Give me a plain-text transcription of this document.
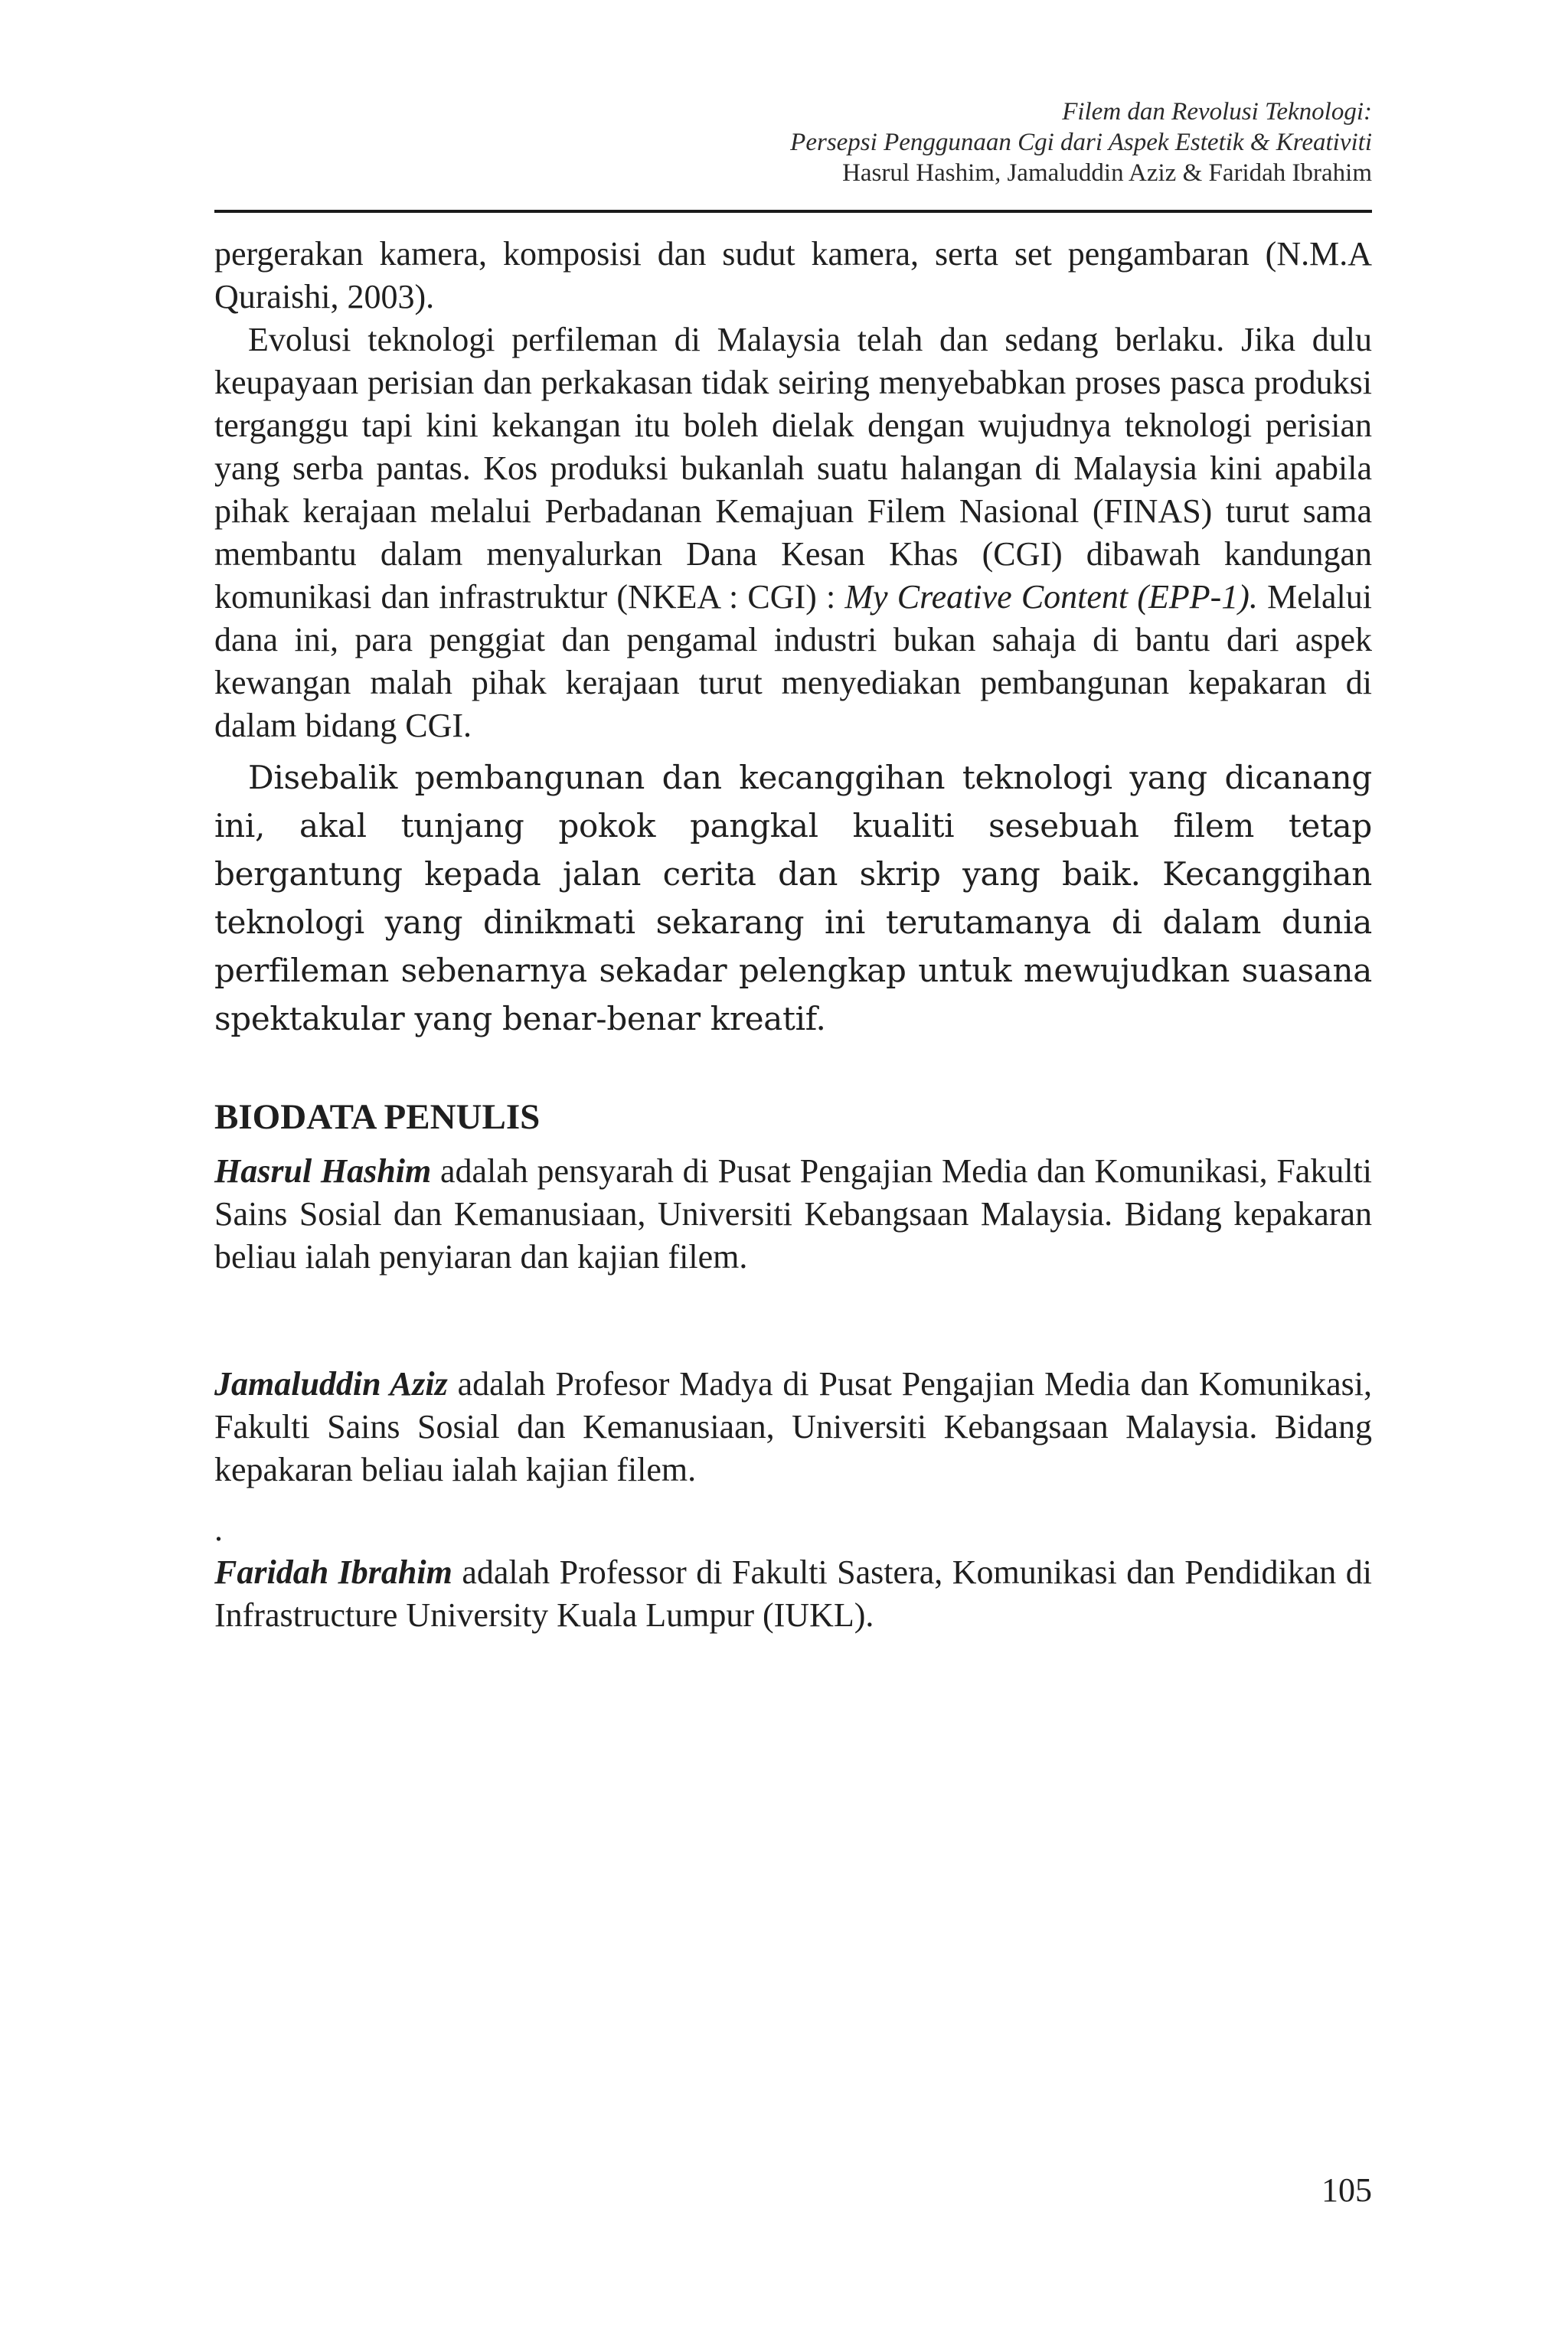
Filem dan Revolusi Teknologi:
Persepsi Penggunaan Cgi dari Aspek Estetik & Kreativiti
Hasrul Hashim, Jamaluddin Aziz & Faridah Ibrahim

pergerakan kamera, komposisi dan sudut kamera, serta set pengambaran (N.M.A Quraishi, 2003).

Evolusi teknologi perfileman di Malaysia telah dan sedang berlaku. Jika dulu keupayaan perisian dan perkakasan tidak seiring menyebabkan proses pasca produksi terganggu tapi kini kekangan itu boleh dielak dengan wujudnya teknologi perisian yang serba pantas. Kos produksi bukanlah suatu halangan di Malaysia kini apabila pihak kerajaan melalui Perbadanan Kemajuan Filem Nasional (FINAS) turut sama membantu dalam menyalurkan Dana Kesan Khas (CGI) dibawah kandungan komunikasi dan infrastruktur (NKEA : CGI) : My Creative Content (EPP-1). Melalui dana ini, para penggiat dan pengamal industri bukan sahaja di bantu dari aspek kewangan malah pihak kerajaan turut menyediakan pembangunan kepakaran di dalam bidang CGI.

Disebalik pembangunan dan kecanggihan teknologi yang dicanang ini, akal tunjang pokok pangkal kualiti sesebuah filem tetap bergantung kepada jalan cerita dan skrip yang baik. Kecanggihan teknologi yang dinikmati sekarang ini terutamanya di dalam dunia perfileman sebenarnya sekadar pelengkap untuk mewujudkan suasana spektakular yang benar-benar kreatif.

BIODATA PENULIS

Hasrul Hashim adalah pensyarah di Pusat Pengajian Media dan Komunikasi, Fakulti Sains Sosial dan Kemanusiaan, Universiti Kebangsaan Malaysia. Bidang kepakaran beliau ialah penyiaran dan kajian filem.

Jamaluddin Aziz adalah Profesor Madya di Pusat Pengajian Media dan Komunikasi, Fakulti Sains Sosial dan Kemanusiaan, Universiti Kebangsaan Malaysia. Bidang kepakaran beliau ialah kajian filem.

.

Faridah Ibrahim adalah Professor di Fakulti Sastera, Komunikasi dan Pendidikan di Infrastructure University Kuala Lumpur (IUKL).

105
